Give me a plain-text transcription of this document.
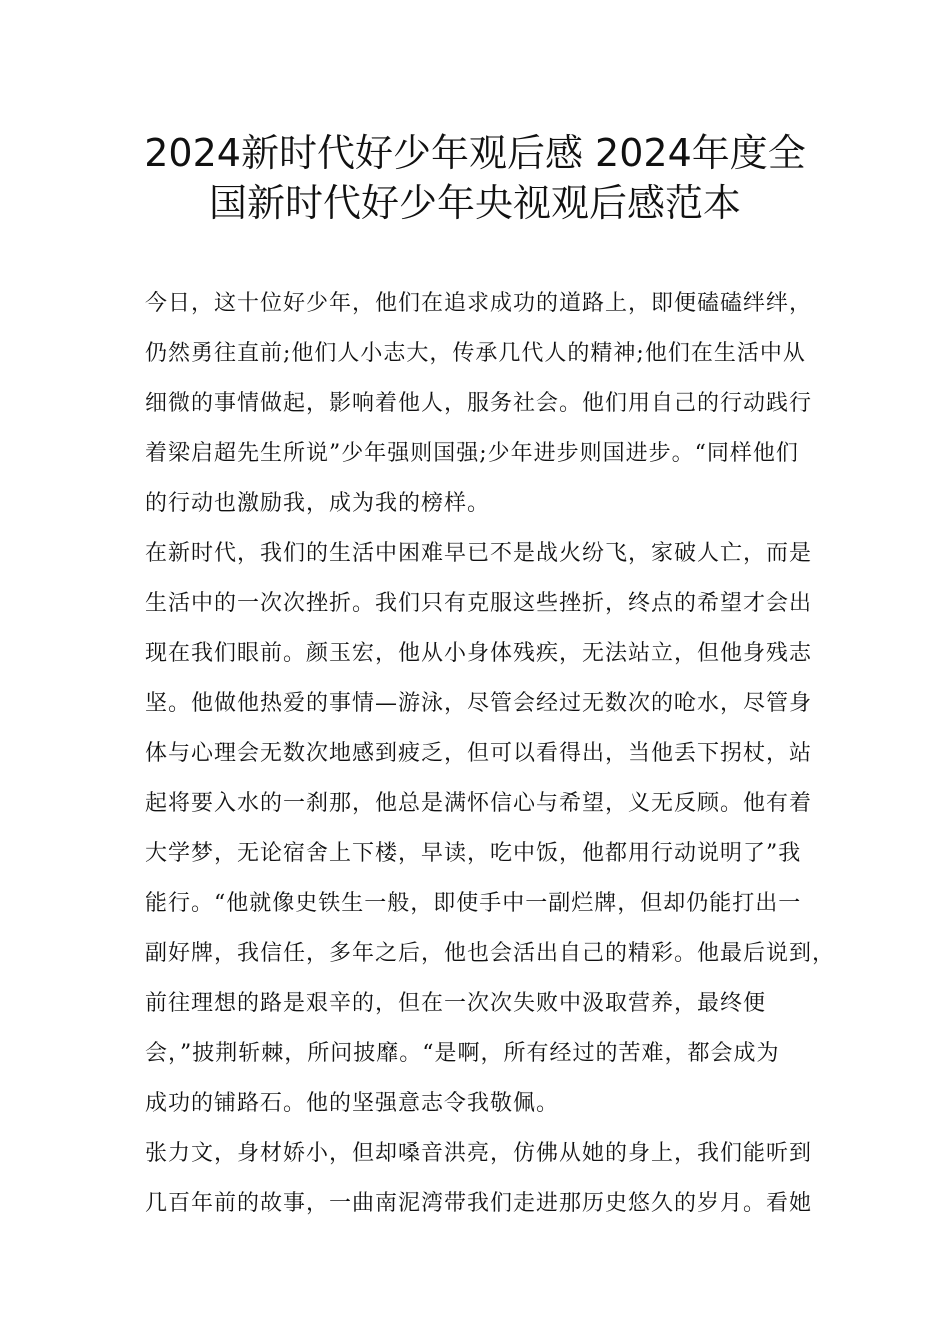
2024新时代好少年观后感 2024年度全
国新时代好少年央视观后感范本
今日，这十位好少年，他们在追求成功的道路上，即便磕磕绊绊，
仍然勇往直前;他们人小志大，传承几代人的精神;他们在生活中从
细微的事情做起，影响着他人，服务社会。他们用自己的行动践行
着梁启超先生所说”少年强则国强;少年进步则国进步。“同样他们
的行动也激励我，成为我的榜样。
在新时代，我们的生活中困难早已不是战火纷飞，家破人亡，而是
生活中的一次次挫折。我们只有克服这些挫折，终点的希望才会出
现在我们眼前。颜玉宏，他从小身体残疾，无法站立，但他身残志
坚。他做他热爱的事情—游泳，尽管会经过无数次的呛水，尽管身
体与心理会无数次地感到疲乏，但可以看得出，当他丢下拐杖，站
起将要入水的一刹那，他总是满怀信心与希望，义无反顾。他有着
大学梦，无论宿舍上下楼，早读，吃中饭，他都用行动说明了”我
能行。“他就像史铁生一般，即使手中一副烂牌，但却仍能打出一
副好牌，我信任，多年之后，他也会活出自己的精彩。他最后说到，
前往理想的路是艰辛的，但在一次次失败中汲取营养，最终便
会，”披荆斩棘，所问披靡。“是啊，所有经过的苦难，都会成为
成功的铺路石。他的坚强意志令我敬佩。
张力文，身材娇小，但却嗓音洪亮，仿佛从她的身上，我们能听到
几百年前的故事，一曲南泥湾带我们走进那历史悠久的岁月。看她
